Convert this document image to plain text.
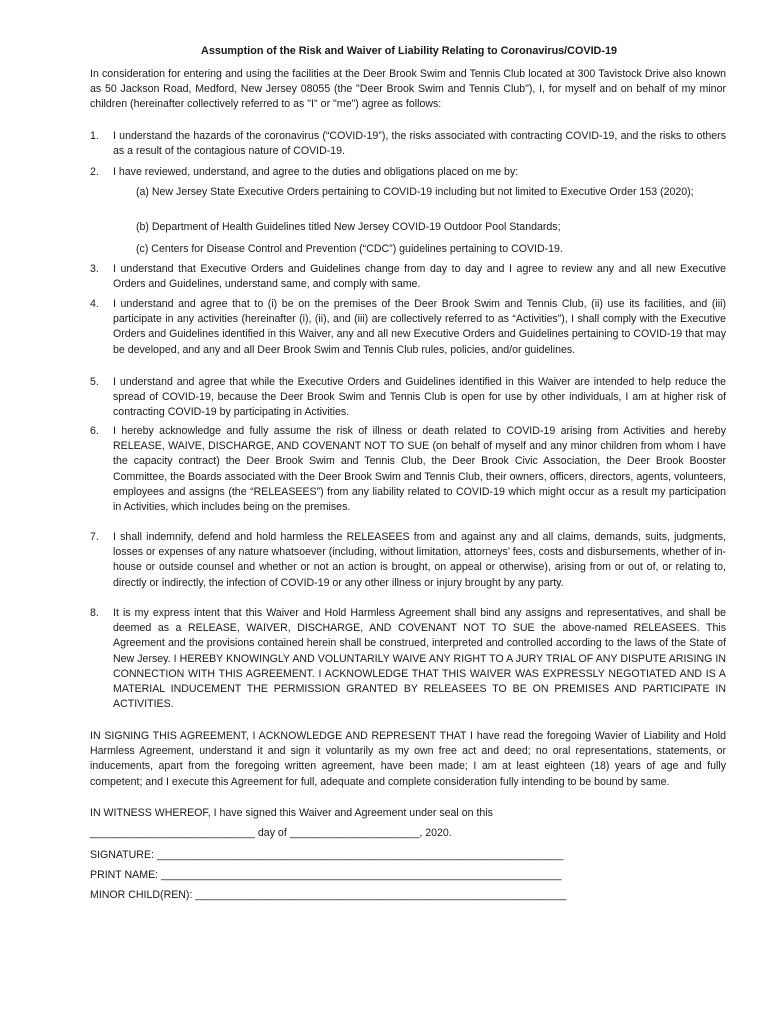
Assumption of the Risk and Waiver of Liability Relating to Coronavirus/COVID-19

In consideration for entering and using the facilities at the Deer Brook Swim and Tennis Club located at 300 Tavistock Drive also known as 50 Jackson Road, Medford, New Jersey 08055 (the "Deer Brook Swim and Tennis Club"), I, for myself and on behalf of my minor children (hereinafter collectively referred to as "I" or "me") agree as follows:

1.	I understand the hazards of the coronavirus (“COVID-19”), the risks associated with contracting COVID-19, and the risks to others as a result of the contagious nature of COVID-19.
2.	I have reviewed, understand, and agree to the duties and obligations placed on me by:

(a) New Jersey State Executive Orders pertaining to COVID-19 including but not limited to Executive Order 153 (2020);

(b) Department of Health Guidelines titled New Jersey COVID-19 Outdoor Pool Standards;

(c) Centers for Disease Control and Prevention (“CDC”) guidelines pertaining to COVID-19.

3.	I understand that Executive Orders and Guidelines change from day to day and I agree to review any and all new Executive Orders and Guidelines, understand same, and comply with same.
4.	I understand and agree that to (i) be on the premises of the Deer Brook Swim and Tennis Club, (ii) use its facilities, and (iii) participate in any activities (hereinafter (i), (ii), and (iii) are collectively referred to as “Activities”), I shall comply with the Executive Orders and Guidelines identified in this Waiver, any and all new Executive Orders and Guidelines pertaining to COVID-19 that may be developed, and any and all Deer Brook Swim and Tennis Club rules, policies, and/or guidelines.
5.	I understand and agree that while the Executive Orders and Guidelines identified in this Waiver are intended to help reduce the spread of COVID-19, because the Deer Brook Swim and Tennis Club is open for use by other individuals, I am at higher risk of contracting COVID-19 by participating in Activities.
6.	I hereby acknowledge and fully assume the risk of illness or death related to COVID-19 arising from Activities and hereby RELEASE, WAIVE, DISCHARGE, AND COVENANT NOT TO SUE (on behalf of myself and any minor children from whom I have the capacity contract) the Deer Brook Swim and Tennis Club, the Deer Brook Civic Association, the Deer Brook Booster Committee, the Boards associated with the Deer Brook Swim and Tennis Club, their owners, officers, directors, agents, volunteers, employees and assigns (the “RELEASEES”) from any liability related to COVID-19 which might occur as a result my participation in Activities, which includes being on the premises.
7.	I shall indemnify, defend and hold harmless the RELEASEES from and against any and all claims, demands, suits, judgments, losses or expenses of any nature whatsoever (including, without limitation, attorneys’ fees, costs and disbursements, whether of in-house or outside counsel and whether or not an action is brought, on appeal or otherwise), arising from or out of, or relating to, directly or indirectly, the infection of COVID-19 or any other illness or injury brought by any party.
8.	It is my express intent that this Waiver and Hold Harmless Agreement shall bind any assigns and representatives, and shall be deemed as a RELEASE, WAIVER, DISCHARGE, AND COVENANT NOT TO SUE the above-named RELEASEES. This Agreement and the provisions contained herein shall be construed, interpreted and controlled according to the laws of the State of New Jersey. I HEREBY KNOWINGLY AND VOLUNTARILY WAIVE ANY RIGHT TO A JURY TRIAL OF ANY DISPUTE ARISING IN CONNECTION WITH THIS AGREEMENT. I ACKNOWLEDGE THAT THIS WAIVER WAS EXPRESSLY NEGOTIATED AND IS A MATERIAL INDUCEMENT THE PERMISSION GRANTED BY RELEASEES TO BE ON PREMISES AND PARTICIPATE IN ACTIVITIES.

IN SIGNING THIS AGREEMENT, I ACKNOWLEDGE AND REPRESENT THAT I have read the foregoing Wavier of Liability and Hold Harmless Agreement, understand it and sign it voluntarily as my own free act and deed; no oral representations, statements, or inducements, apart from the foregoing written agreement, have been made; I am at least eighteen (18) years of age and fully competent; and I execute this Agreement for full, adequate and complete consideration fully intending to be bound by same.

IN WITNESS WHEREOF, I have signed this Waiver and Agreement under seal on this
____________________________ day of ______________________, 2020.
SIGNATURE: _____________________________________________________________________
PRINT NAME: ____________________________________________________________________
MINOR CHILD(REN): _______________________________________________________________
